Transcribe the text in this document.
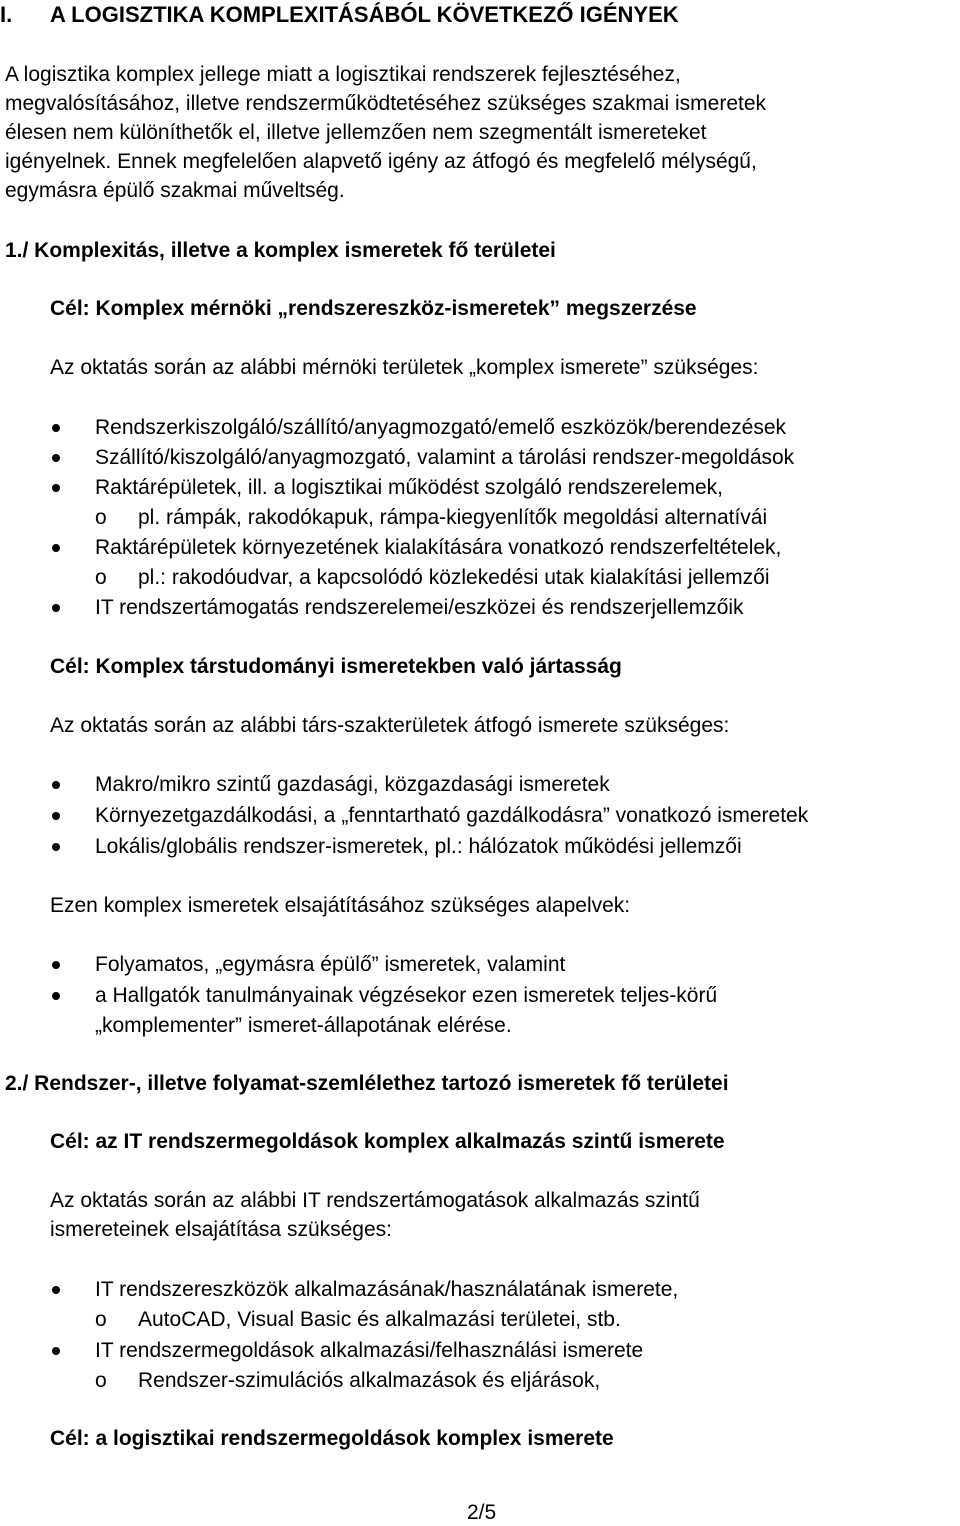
I. A LOGISZTIKA KOMPLEXITÁSÁBÓL KÖVETKEZŐ IGÉNYEK
A logisztika komplex jellege miatt a logisztikai rendszerek fejlesztéséhez,
megvalósításához, illetve rendszerműködtetéséhez szükséges szakmai ismeretek
élesen nem különíthetők el, illetve jellemzően nem szegmentált ismereteket
igényelnek. Ennek megfelelően alapvető igény az átfogó és megfelelő mélységű,
egymásra épülő szakmai műveltség.
1./ Komplexitás, illetve a komplex ismeretek fő területei
Cél: Komplex mérnöki „rendszereszköz-ismeretek” megszerzése
Az oktatás során az alábbi mérnöki területek „komplex ismerete” szükséges:
Rendszerkiszolgáló/szállító/anyagmozgató/emelő eszközök/berendezések
Szállító/kiszolgáló/anyagmozgató, valamint a tárolási rendszer-megoldások
Raktárépületek, ill. a logisztikai működést szolgáló rendszerelemek,
o pl. rámpák, rakodókapuk, rámpa-kiegyenlítők megoldási alternatívái
Raktárépületek környezetének kialakítására vonatkozó rendszerfeltételek,
o pl.: rakodóudvar, a kapcsolódó közlekedési utak kialakítási jellemzői
IT rendszertámogatás rendszerelemei/eszközei és rendszerjellemzőik
Cél: Komplex társtudományi ismeretekben való jártasság
Az oktatás során az alábbi társ-szakterületek átfogó ismerete szükséges:
Makro/mikro szintű gazdasági, közgazdasági ismeretek
Környezetgazdálkodási, a „fenntartható gazdálkodásra” vonatkozó ismeretek
Lokális/globális rendszer-ismeretek, pl.: hálózatok működési jellemzői
Ezen komplex ismeretek elsajátításához szükséges alapelvek:
Folyamatos, „egymásra épülő” ismeretek, valamint
a Hallgatók tanulmányainak végzésekor ezen ismeretek teljes-körű
„komplementer” ismeret-állapotának elérése.
2./ Rendszer-, illetve folyamat-szemlélethez tartozó ismeretek fő területei
Cél: az IT rendszermegoldások komplex alkalmazás szintű ismerete
Az oktatás során az alábbi IT rendszertámogatások alkalmazás szintű
ismereteinek elsajátítása szükséges:
IT rendszereszközök alkalmazásának/használatának ismerete,
o AutoCAD, Visual Basic és alkalmazási területei, stb.
IT rendszermegoldások alkalmazási/felhasználási ismerete
o Rendszer-szimulációs alkalmazások és eljárások,
Cél: a logisztikai rendszermegoldások komplex ismerete
2/5
